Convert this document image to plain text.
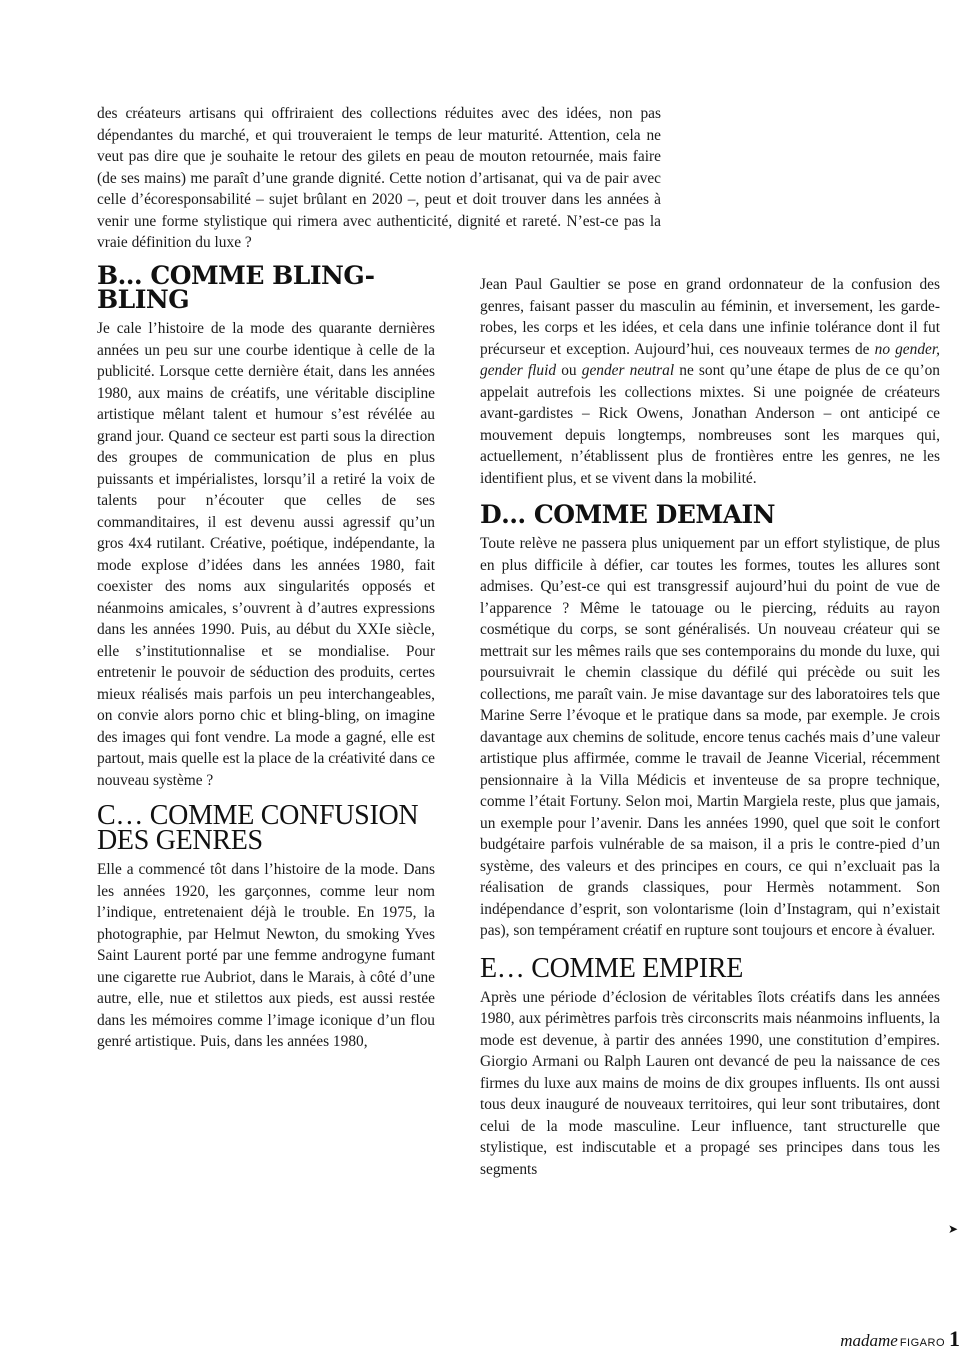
des créateurs artisans qui offriraient des collections réduites avec des idées, non pas dépendantes du marché, et qui trouveraient le temps de leur maturité. Attention, cela ne veut pas dire que je souhaite le retour des gilets en peau de mouton retournée, mais faire (de ses mains) me paraît d’une grande dignité. Cette notion d’artisanat, qui va de pair avec celle d’écoresponsabilité – sujet brûlant en 2020 –, peut et doit trouver dans les années à venir une forme stylistique qui rimera avec authenticité, dignité et rareté. N’est-ce pas la vraie définition du luxe ?

B… COMME BLING-BLING

Je cale l’histoire de la mode des quarante dernières années un peu sur une courbe identique à celle de la publicité. Lorsque cette dernière était, dans les années 1980, aux mains de créatifs, une véritable discipline artistique mêlant talent et humour s’est révélée au grand jour. Quand ce secteur est parti sous la direction des groupes de communication de plus en plus puissants et impérialistes, lorsqu’il a retiré la voix de talents pour n’écouter que celles de ses commanditaires, il est devenu aussi agressif qu’un gros 4x4 rutilant. Créative, poétique, indépendante, la mode explose d’idées dans les années 1980, fait coexister des noms aux singularités opposés et néanmoins amicales, s’ouvrent à d’autres expressions dans les années 1990. Puis, au début du XXIe siècle, elle s’institutionnalise et se mondialise. Pour entretenir le pouvoir de séduction des produits, certes mieux réalisés mais parfois un peu interchangeables, on convie alors porno chic et bling-bling, on imagine des images qui font vendre. La mode a gagné, elle est partout, mais quelle est la place de la créativité dans ce nouveau système ?

C… COMME CONFUSION DES GENRES

Elle a commencé tôt dans l’histoire de la mode. Dans les années 1920, les garçonnes, comme leur nom l’indique, entretenaient déjà le trouble. En 1975, la photographie, par Helmut Newton, du smoking Yves Saint Laurent porté par une femme androgyne fumant une cigarette rue Aubriot, dans le Marais, à côté d’une autre, elle, nue et stilettos aux pieds, est aussi restée dans les mémoires comme l’image iconique d’un flou genré artistique. Puis, dans les années 1980,

Jean Paul Gaultier se pose en grand ordonnateur de la confusion des genres, faisant passer du masculin au féminin, et inversement, les garde-robes, les corps et les idées, et cela dans une infinie tolérance dont il fut précurseur et exception. Aujourd’hui, ces nouveaux termes de no gender, gender fluid ou gender neutral ne sont qu’une étape de plus de ce qu’on appelait autrefois les collections mixtes. Si une poignée de créateurs avant-gardistes – Rick Owens, Jonathan Anderson – ont anticipé ce mouvement depuis longtemps, nombreuses sont les marques qui, actuellement, n’établissent plus de frontières entre les genres, ne les identifient plus, et se vivent dans la mobilité.

D… COMME DEMAIN

Toute relève ne passera plus uniquement par un effort stylistique, de plus en plus difficile à défier, car toutes les formes, toutes les allures sont admises. Qu’est-ce qui est transgressif aujourd’hui du point de vue de l’apparence ? Même le tatouage ou le piercing, réduits au rayon cosmétique du corps, se sont généralisés. Un nouveau créateur qui se mettrait sur les mêmes rails que ses contemporains du monde du luxe, qui poursuivrait le chemin classique du défilé qui précède ou suit les collections, me paraît vain. Je mise davantage sur des laboratoires tels que Marine Serre l’évoque et le pratique dans sa mode, par exemple. Je crois davantage aux chemins de solitude, encore tenus cachés mais d’une valeur artistique plus affirmée, comme le travail de Jeanne Vicerial, récemment pensionnaire à la Villa Médicis et inventeuse de sa propre technique, comme l’était Fortuny. Selon moi, Martin Margiela reste, plus que jamais, un exemple pour l’avenir. Dans les années 1990, quel que soit le confort budgétaire parfois vulnérable de sa maison, il a pris le contre-pied d’un système, des valeurs et des principes en cours, ce qui n’excluait pas la réalisation de grands classiques, pour Hermès notamment. Son indépendance d’esprit, son volontarisme (loin d’Instagram, qui n’existait pas), son tempérament créatif en rupture sont toujours et encore à évaluer.

E… COMME EMPIRE

Après une période d’éclosion de véritables îlots créatifs dans les années 1980, aux périmètres parfois très circonscrits mais néanmoins influents, la mode est devenue, à partir des années 1990, une constitution d’empires. Giorgio Armani ou Ralph Lauren ont devancé de peu la naissance de ces firmes du luxe aux mains de moins de dix groupes influents. Ils ont aussi tous deux inauguré de nouveaux territoires, qui leur sont tributaires, dont celui de la mode masculine. Leur influence, tant structurelle que stylistique, est indiscutable et a propagé ses principes dans tous les segments

➤
madame FIGARO 1
